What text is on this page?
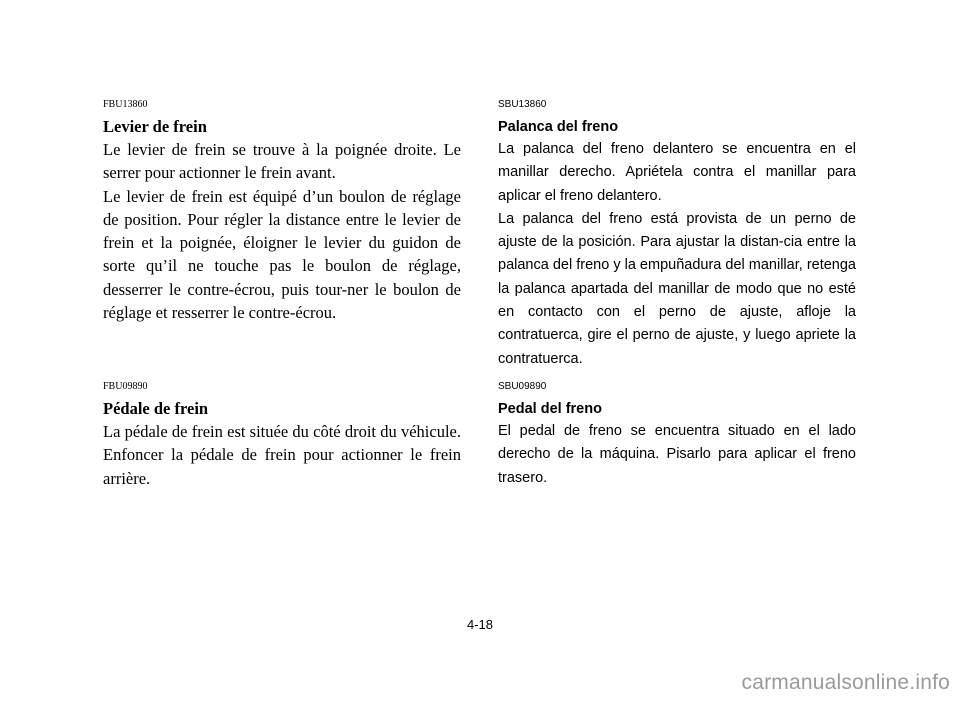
FBU13860

Levier de frein

Le levier de frein se trouve à la poignée droite. Le serrer pour actionner le frein avant.

Le levier de frein est équipé d’un boulon de réglage de position. Pour régler la distance entre le levier de frein et la poignée, éloigner le levier du guidon de sorte qu’il ne touche pas le boulon de réglage, desserrer le contre-écrou, puis tour-ner le boulon de réglage et resserrer le contre-écrou.

FBU09890

Pédale de frein

La pédale de frein est située du côté droit du véhicule. Enfoncer la pédale de frein pour actionner le frein arrière.

SBU13860

Palanca del freno

La palanca del freno delantero se encuentra en el manillar derecho. Apriétela contra el manillar para aplicar el freno delantero.

La palanca del freno está provista de un perno de ajuste de la posición. Para ajustar la distan-cia entre la palanca del freno y la empuñadura del manillar, retenga la palanca apartada del manillar de modo que no esté en contacto con el perno de ajuste, afloje la contratuerca, gire el perno de ajuste, y luego apriete la contratuerca.

SBU09890

Pedal del freno

El pedal de freno se encuentra situado en el lado derecho de la máquina. Pisarlo para aplicar el freno trasero.

4-18
carmanualsonline.info
